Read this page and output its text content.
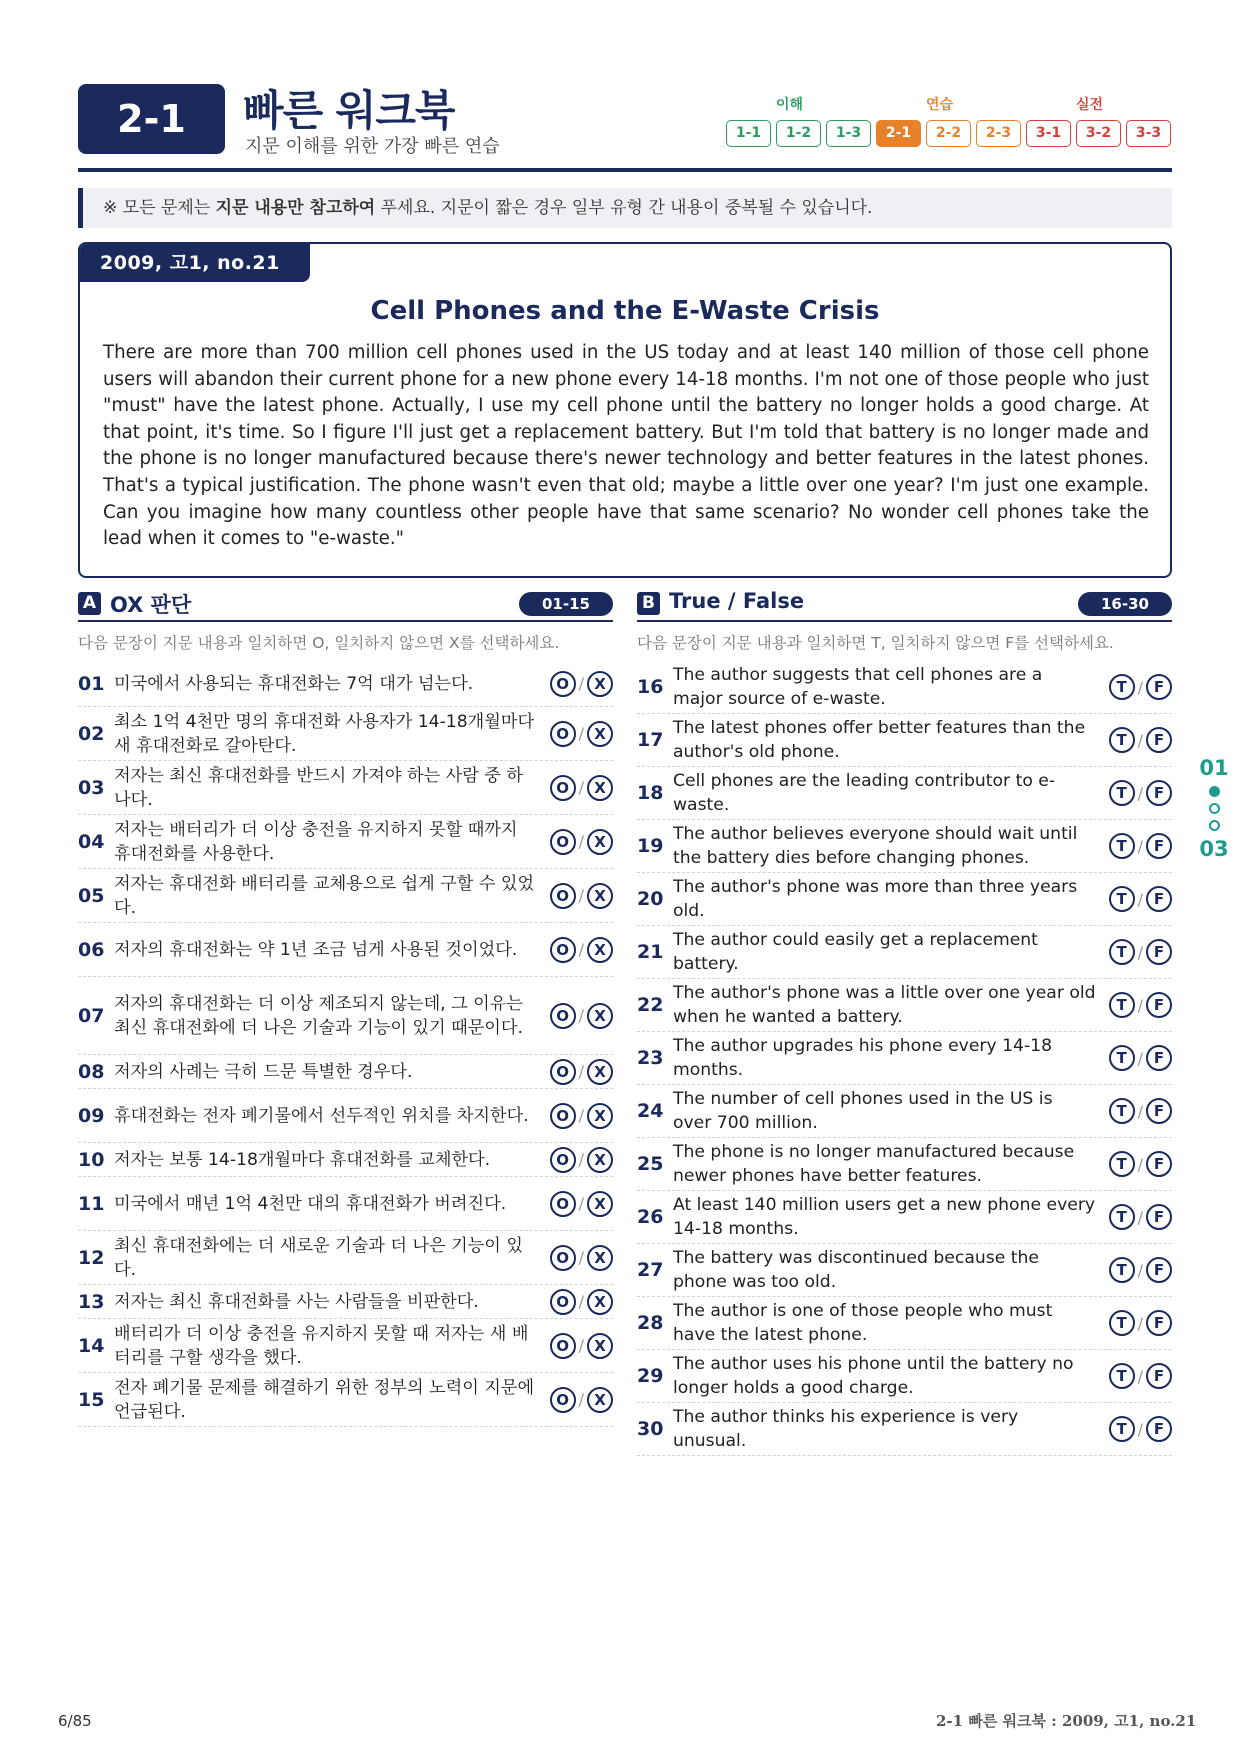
2-1	빠른 워크북
지문 이해를 위한 가장 빠른 연습
이해	연습	실전
1-1	1-2	1-3	2-1	2-2	2-3	3-1	3-2	3-3
※ 모든 문제는 지문 내용만 참고하여 푸세요. 지문이 짧은 경우 일부 유형 간 내용이 중복될 수 있습니다.
2009, 고1, no.21
Cell Phones and the E-Waste Crisis
There are more than 700 million cell phones used in the US today and at least 140 million of those cell phone users will abandon their current phone for a new phone every 14-18 months. I'm not one of those people who just "must" have the latest phone. Actually, I use my cell phone until the battery no longer holds a good charge. At that point, it's time. So I figure I'll just get a replacement battery. But I'm told that battery is no longer made and the phone is no longer manufactured because there's newer technology and better features in the latest phones. That's a typical justification. The phone wasn't even that old; maybe a little over one year? I'm just one example. Can you imagine how many countless other people have that same scenario? No wonder cell phones take the lead when it comes to "e-waste."
A OX 판단	01-15
다음 문장이 지문 내용과 일치하면 O, 일치하지 않으면 X를 선택하세요.
01 미국에서 사용되는 휴대전화는 7억 대가 넘는다.	O / X
02
최소 1억 4천만 명의 휴대전화 사용자가 14-18개월마다 새 휴대전화로 갈아탄다.
O / X
03
저자는 최신 휴대전화를 반드시 가져야 하는 사람 중 하나다.
O / X
04
저자는 배터리가 더 이상 충전을 유지하지 못할 때까지 휴대전화를 사용한다.
O / X
05
저자는 휴대전화 배터리를 교체용으로 쉽게 구할 수 있었다.
O / X
06 저자의 휴대전화는 약 1년 조금 넘게 사용된 것이었다.	O / X
07
저자의 휴대전화는 더 이상 제조되지 않는데, 그 이유는 최신 휴대전화에 더 나은 기술과 기능이 있기 때문이다.
O / X
08 저자의 사례는 극히 드문 특별한 경우다.	O / X
09 휴대전화는 전자 폐기물에서 선두적인 위치를 차지한다.	O / X
10 저자는 보통 14-18개월마다 휴대전화를 교체한다.	O / X
11 미국에서 매년 1억 4천만 대의 휴대전화가 버려진다.	O / X
12
최신 휴대전화에는 더 새로운 기술과 더 나은 기능이 있다.
O / X
13 저자는 최신 휴대전화를 사는 사람들을 비판한다.	O / X
14
배터리가 더 이상 충전을 유지하지 못할 때 저자는 새 배터리를 구할 생각을 했다.
O / X
15
전자 폐기물 문제를 해결하기 위한 정부의 노력이 지문에 언급된다.
O / X
B True / False	16-30
다음 문장이 지문 내용과 일치하면 T, 일치하지 않으면 F를 선택하세요.
16
The author suggests that cell phones are a major source of e-waste.
T / F
17
The latest phones offer better features than the author's old phone.
T / F
18
Cell phones are the leading contributor to e-waste.
T / F
19
The author believes everyone should wait until the battery dies before changing phones.
T / F
20
The author's phone was more than three years old.
T / F
21
The author could easily get a replacement battery.
T / F
22
The author's phone was a little over one year old when he wanted a battery.
T / F
23
The author upgrades his phone every 14-18 months.
T / F
24
The number of cell phones used in the US is over 700 million.
T / F
25
The phone is no longer manufactured because newer phones have better features.
T / F
26
At least 140 million users get a new phone every 14-18 months.
T / F
27
The battery was discontinued because the phone was too old.
T / F
28
The author is one of those people who must have the latest phone.
T / F
29
The author uses his phone until the battery no longer holds a good charge.
T / F
30
The author thinks his experience is very unusual.
T / F
01
03
6/85	2-1 빠른 워크북 : 2009, 고1, no.21
